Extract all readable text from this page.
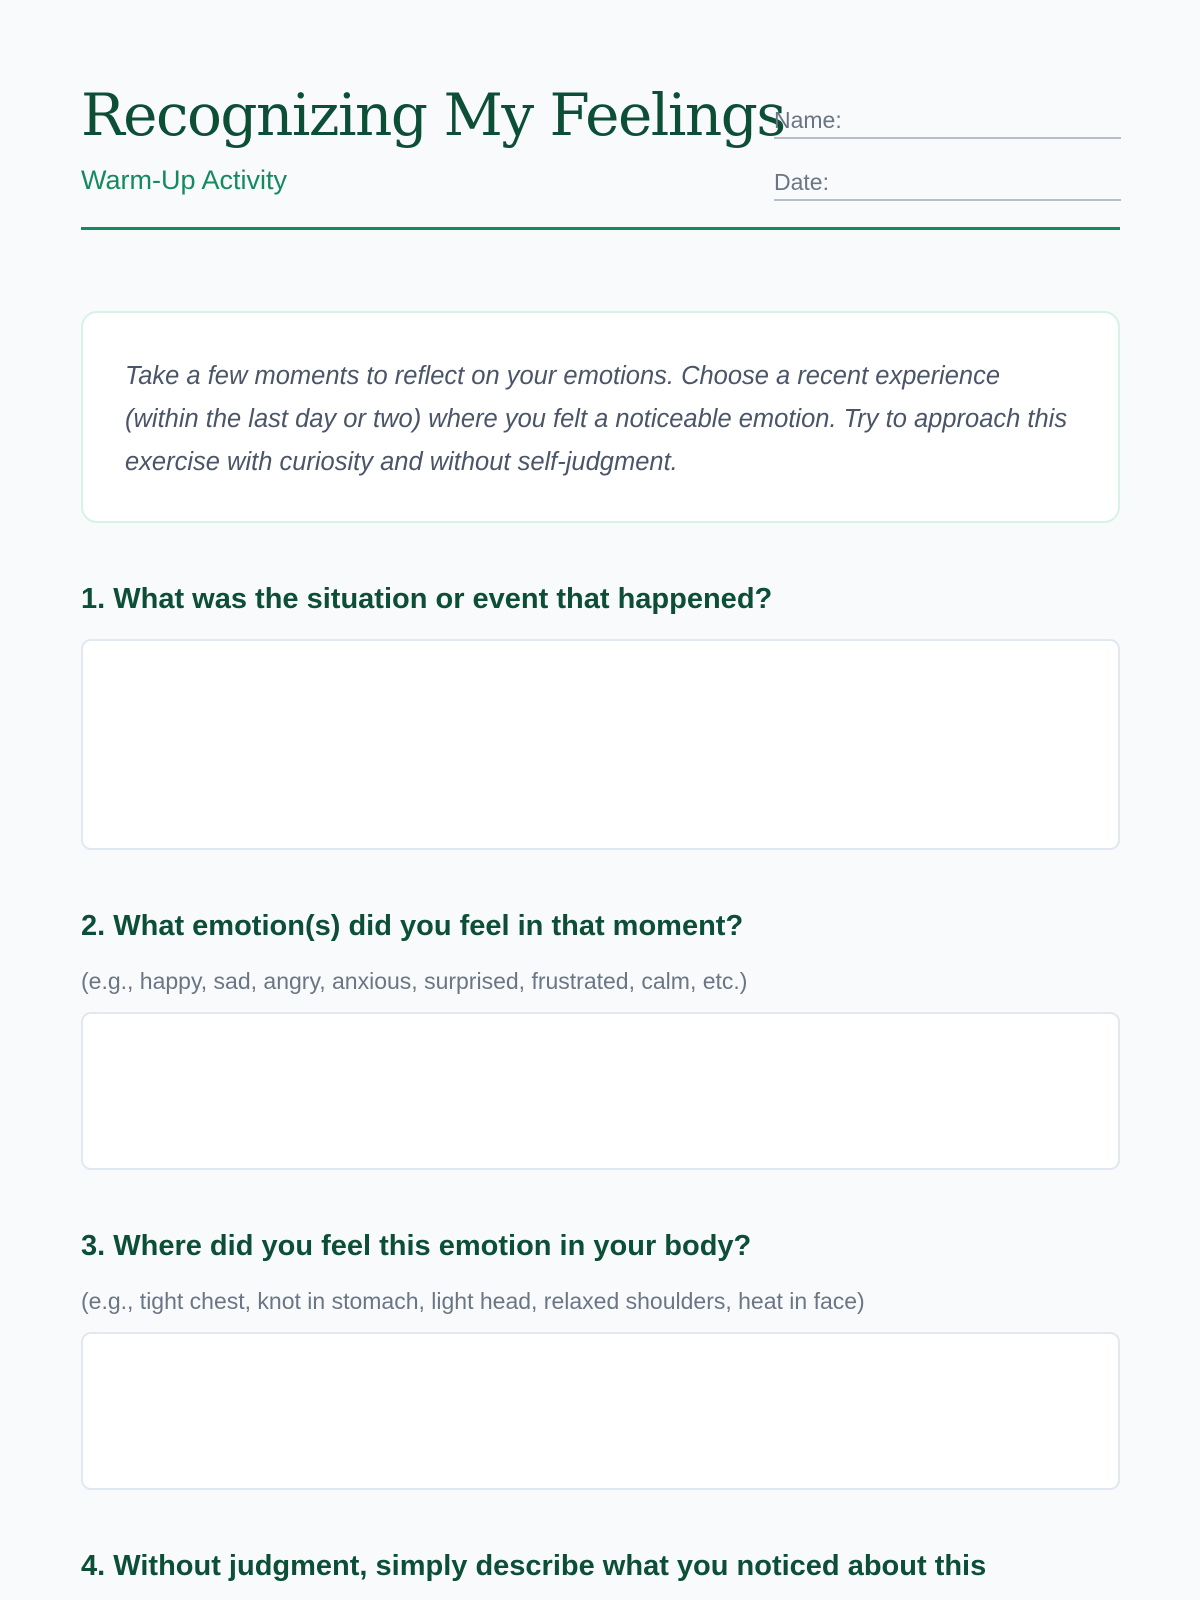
Recognizing My Feelings
Warm-Up Activity
Name:
Date:

Take a few moments to reflect on your emotions. Choose a recent experience (within the last day or two) where you felt a noticeable emotion. Try to approach this exercise with curiosity and without self-judgment.

1. What was the situation or event that happened?
2. What emotion(s) did you feel in that moment?

(e.g., happy, sad, angry, anxious, surprised, frustrated, calm, etc.)

3. Where did you feel this emotion in your body?

(e.g., tight chest, knot in stomach, light head, relaxed shoulders, heat in face)

4. Without judgment, simply describe what you noticed about this
